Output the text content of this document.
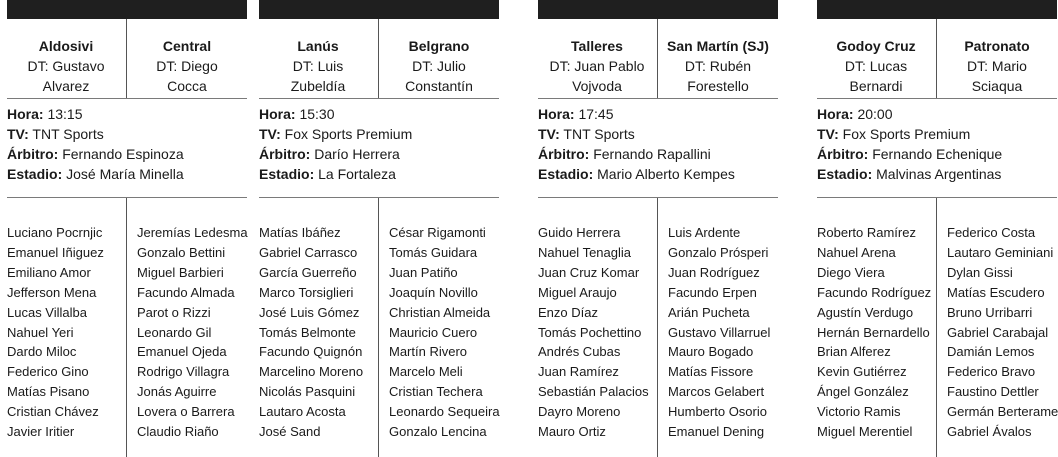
Aldosivi
DT: Gustavo
Alvarez
Central
DT: Diego
Cocca
Hora: 13:15
TV: TNT Sports
Árbitro: Fernando Espinoza
Estadio: José María Minella
Luciano Pocrnjic
Emanuel Iñiguez
Emiliano Amor
Jefferson Mena
Lucas Villalba
Nahuel Yeri
Dardo Miloc
Federico Gino
Matías Pisano
Cristian Chávez
Javier Iritier
Jeremías Ledesma
Gonzalo Bettini
Miguel Barbieri
Facundo Almada
Parot o Rizzi
Leonardo Gil
Emanuel Ojeda
Rodrigo Villagra
Jonás Aguirre
Lovera o Barrera
Claudio Riaño
Lanús
DT: Luis
Zubeldía
Belgrano
DT: Julio
Constantín
Hora: 15:30
TV: Fox Sports Premium
Árbitro: Darío Herrera
Estadio: La Fortaleza
Matías Ibáñez
Gabriel Carrasco
García Guerreño
Marco Torsiglieri
José Luis Gómez
Tomás Belmonte
Facundo Quignón
Marcelino Moreno
Nicolás Pasquini
Lautaro Acosta
José Sand
César Rigamonti
Tomás Guidara
Juan Patiño
Joaquín Novillo
Christian Almeida
Mauricio Cuero
Martín Rivero
Marcelo Meli
Cristian Techera
Leonardo Sequeira
Gonzalo Lencina
Talleres
DT: Juan Pablo
Vojvoda
San Martín (SJ)
DT: Rubén
Forestello
Hora: 17:45
TV: TNT Sports
Árbitro: Fernando Rapallini
Estadio: Mario Alberto Kempes
Guido Herrera
Nahuel Tenaglia
Juan Cruz Komar
Miguel Araujo
Enzo Díaz
Tomás Pochettino
Andrés Cubas
Juan Ramírez
Sebastián Palacios
Dayro Moreno
Mauro Ortiz
Luis Ardente
Gonzalo Prósperi
Juan Rodríguez
Facundo Erpen
Arián Pucheta
Gustavo Villarruel
Mauro Bogado
Matías Fissore
Marcos Gelabert
Humberto Osorio
Emanuel Dening
Godoy Cruz
DT: Lucas
Bernardi
Patronato
DT: Mario
Sciaqua
Hora: 20:00
TV: Fox Sports Premium
Árbitro: Fernando Echenique
Estadio: Malvinas Argentinas
Roberto Ramírez
Nahuel Arena
Diego Viera
Facundo Rodríguez
Agustín Verdugo
Hernán Bernardello
Brian Alferez
Kevin Gutiérrez
Ángel González
Victorio Ramis
Miguel Merentiel
Federico Costa
Lautaro Geminiani
Dylan Gissi
Matías Escudero
Bruno Urribarri
Gabriel Carabajal
Damián Lemos
Federico Bravo
Faustino Dettler
Germán Berterame
Gabriel Ávalos
